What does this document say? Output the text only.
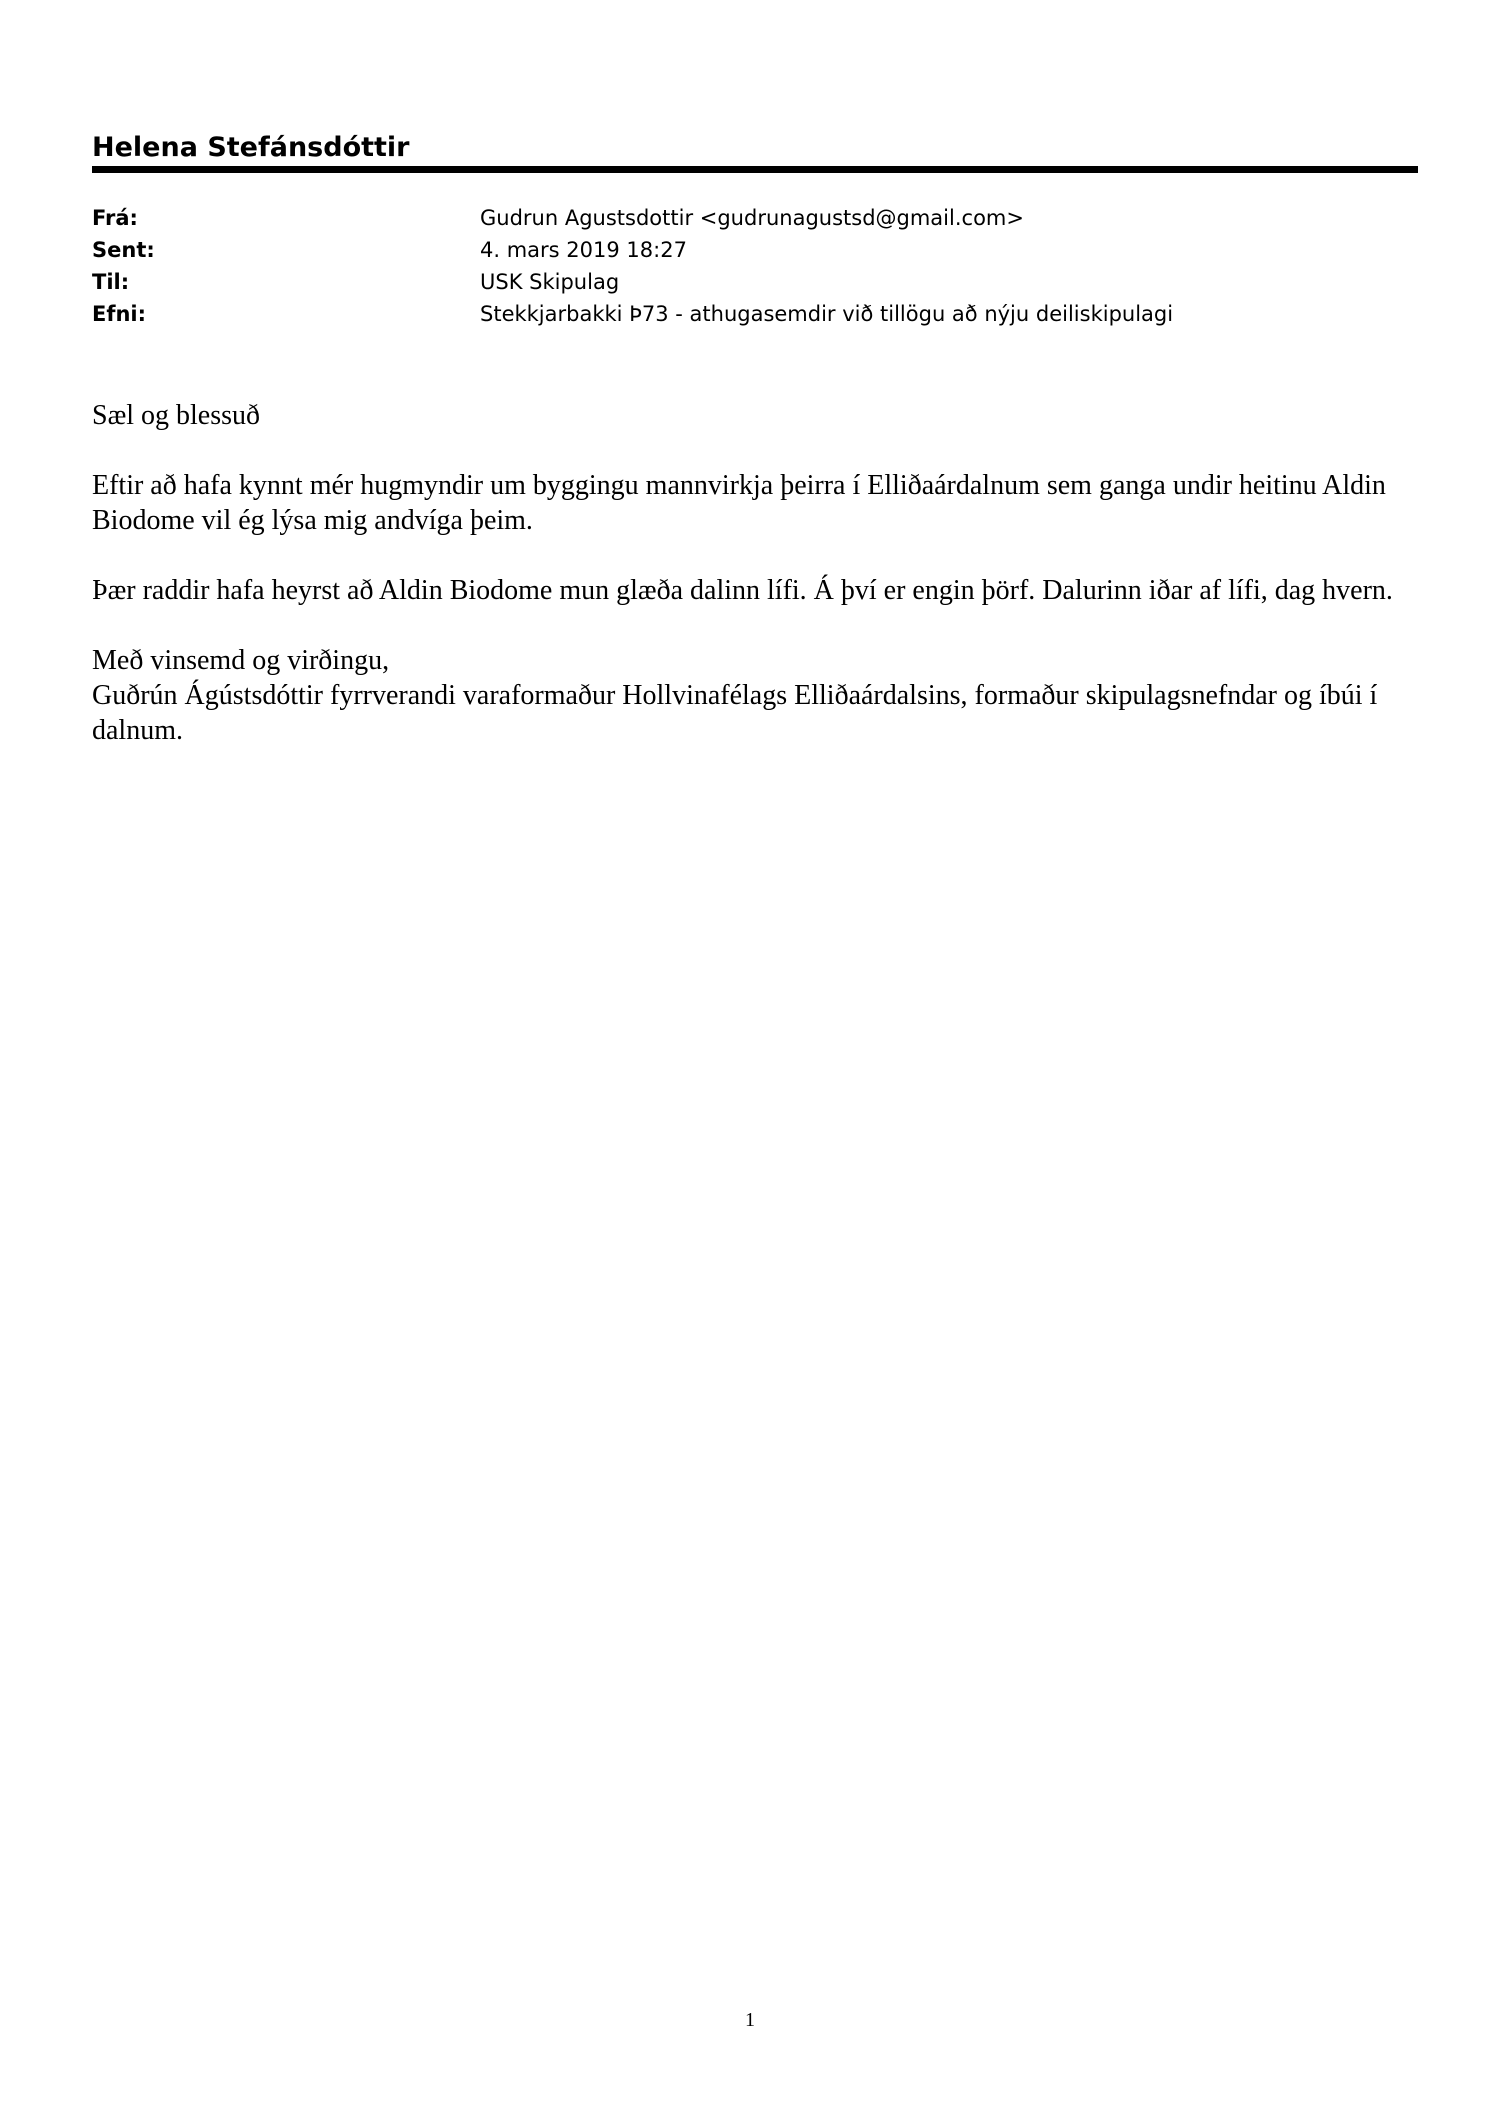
Helena Stefánsdóttir
Frá:	Gudrun Agustsdottir <gudrunagustsd@gmail.com>
Sent:	4. mars 2019 18:27
Til:	USK Skipulag
Efni:	Stekkjarbakki Þ73 - athugasemdir við tillögu að nýju deiliskipulagi

Sæl og blessuð

Eftir að hafa kynnt mér hugmyndir um byggingu mannvirkja þeirra í Elliðaárdalnum sem ganga undir heitinu Aldin Biodome vil ég lýsa mig andvíga þeim.

Þær raddir hafa heyrst að Aldin Biodome mun glæða dalinn lífi. Á því er engin þörf. Dalurinn iðar af lífi, dag hvern.

Með vinsemd og virðingu,

Guðrún Ágústsdóttir fyrrverandi varaformaður Hollvinafélags Elliðaárdalsins, formaður skipulagsnefndar og íbúi í dalnum.

1
